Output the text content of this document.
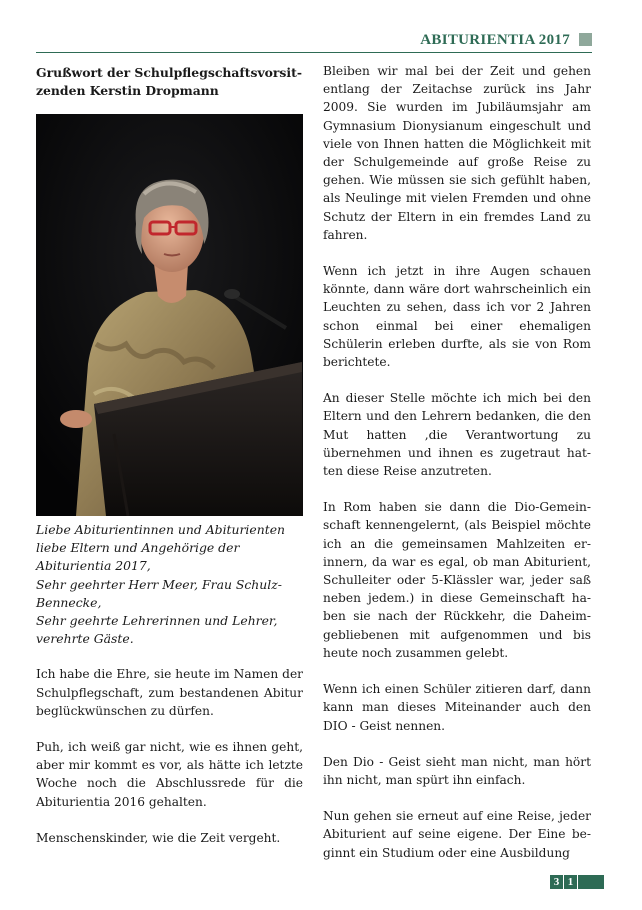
ABITURIENTIA 2017
Grußwort der Schulpflegschaftsvorsitzenden Kerstin Dropmann
Liebe Abiturientinnen und Abiturienten
liebe Eltern und Angehörige der Abiturientia 2017,
Sehr geehrter Herr Meer, Frau Schulz-Bennecke,
Sehr geehrte Lehrerinnen und Lehrer, verehrte Gäste.

Ich habe die Ehre, sie heute im Namen der Schulpflegschaft, zum bestandenen Abitur beglückwünschen zu dürfen.

Puh, ich weiß gar nicht, wie es ihnen geht, aber mir kommt es vor, als hätte ich letzte Woche noch die Abschlussrede für die Abiturientia 2016 gehalten.

Menschenskinder, wie die Zeit vergeht.

Bleiben wir mal bei der Zeit und gehen entlang der Zeitachse zurück ins Jahr 2009. Sie wurden im Jubiläumsjahr am Gymnasium Dionysianum eingeschult und viele von Ihnen hatten die Möglichkeit mit der Schulgemeinde auf große Reise zu gehen. Wie müssen sie sich gefühlt haben, als Neulinge mit vielen Fremden und ohne Schutz der Eltern in ein fremdes Land zu fahren.

Wenn ich jetzt in ihre Augen schauen könnte, dann wäre dort wahrscheinlich ein Leuchten zu sehen, dass ich vor 2 Jahren schon einmal bei einer ehemaligen Schülerin erleben durfte, als sie von Rom berichtete.

An dieser Stelle möchte ich mich bei den Eltern und den Lehrern bedanken, die den Mut hatten ,die Verantwortung zu übernehmen und ihnen es zugetraut hatten diese Reise anzutreten.

In Rom haben sie dann die Dio-Gemeinschaft kennengelernt, (als Beispiel möchte ich an die gemeinsamen Mahlzeiten erinnern, da war es egal, ob man Abiturient, Schulleiter oder 5-Klässler war, jeder saß neben jedem.) in diese Gemeinschaft haben sie nach der Rückkehr, die Daheimgebliebenen mit aufgenommen und bis heute noch zusammen gelebt.

Wenn ich einen Schüler zitieren darf, dann kann man dieses Miteinander auch den DIO - Geist nennen.

Den Dio - Geist sieht man nicht, man hört ihn nicht, man spürt ihn einfach.

Nun gehen sie erneut auf eine Reise, jeder Abiturient auf seine eigene. Der Eine beginnt ein Studium oder eine Ausbildung

3 1
